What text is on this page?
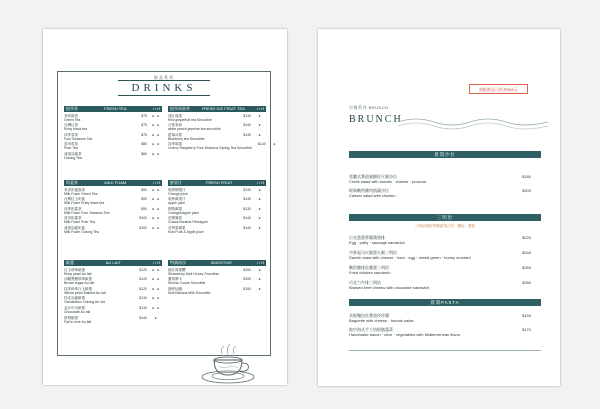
飲品系列
DRINKS
提草茶	FRESH TEA	I / H
茉莉綠茶
Green Tea
$75	● ●
台灣紅茶
Ruby black tea
$75	● ●
四季春茶
Four Seasons Tea
$75	● ●
普洱青茶
Puer Tea
$80	● ●
凍頂烏龍茶
Oolong Tea
$80	● ●
提草冰果茶	FRESH ICE FRUIT TEA	I / H
漾紅莓果
Red grapefruit tea Smoothie
$130	●
白桃茉莉
white peach jasmine tea smoothie
$140	●
藍莓冰果
Blueberry tea Smoothie
$130	●
四季莓果
Cherry Raspberry Four Seasons Spring Tea Smoothie
$140	●
奶蓋茶	MILK FOAM	I / H
茉香奶蓋綠茶
Milk Foam Green Tea
$90	● ●
台灣紅玉奶蓋
Milk Foam Ruby black tea
$90	● ●
四季奶蓋茶
Milk Foam Four Seasons Tea
$90	● ●
普洱奶蓋茶
Milk Foam Puer Tea
$100	● ●
凍頂烏龍奶蓋
Milk Foam Oolong Tea
$100	● ●
鮮果汁	FRESH FRUIT	I / H
現榨柳橙汁
Orange juice
$130	●
現榨蘋果汁
Apple juice
$130	●
柳橙蘋果
Orange&Apple juice
$130	●
芭樂鳳梨
Guava Banana Pineapple
$140	●
奇異果蘋果
Kiwi Fruit & Apple juice
$140	●
歐蕾	AU LAIT	I / H
紅玉珍珠歐蕾
Ruby pearl Au lait
$120	● ●
沖繩黑糖珍珠歐蕾
Brown sugar Au lait
$120	● ●
抹茶珍珠白玉歐蕾
Whole pearl Matcha Au lait
$120	● ●
桂花烏龍歐蕾
Osmanthus Oolong Au lait
$130	● ●
金沙可可歐蕾
Chocolate Au lait
$130	● ●
熱帶歐蕾
Fall in love Au lait
$140	●
特調冰沙	SMOOTHIE	I / H
綠紅莓果釀
Strawberry Kiwi Honey Smoothie
$150	●
濃情摩卡
Mocha Cocoa Smoothie
$150	●
綠野仙蹤
Kiwi Banana Milk Smoothie
$150	●
搭配飲品可折扣$50元
早餐系列 BRUNCH
BRUNCH
晨間沙拉
希臘式番茄風醋佐火腿沙拉
Creek salad with tomato · cheese · prosciut
$180
經典嫩煎雞肉凱薩沙拉
Caesar salad with chicken
$200
三明治
三明治搭配季節蔬菜沙拉 · 麵包 · 蛋糕
日光蛋蛋香腸漢堡排
Egg · patty · sausage sandwich
$220
丹麥起司火腿蛋火腿三明治
Danish toast with cheese · ham · egg · mixed green · honey mustard
$240
嫩煎雞排佐雞蛋三明治
Fried chicken sandwich
$260
巧克力牛排三明治
Braised beef cheeks with chocolate sandwich
$280
晨間PASTA
長棍麵包佐番茄莎莎醬
Baguette with cheese · tomato salsa
$150
地中海式手工培根燉蔬菜
Handmade bacon · olive · vegetables with Midtterrenean flavor
$170
